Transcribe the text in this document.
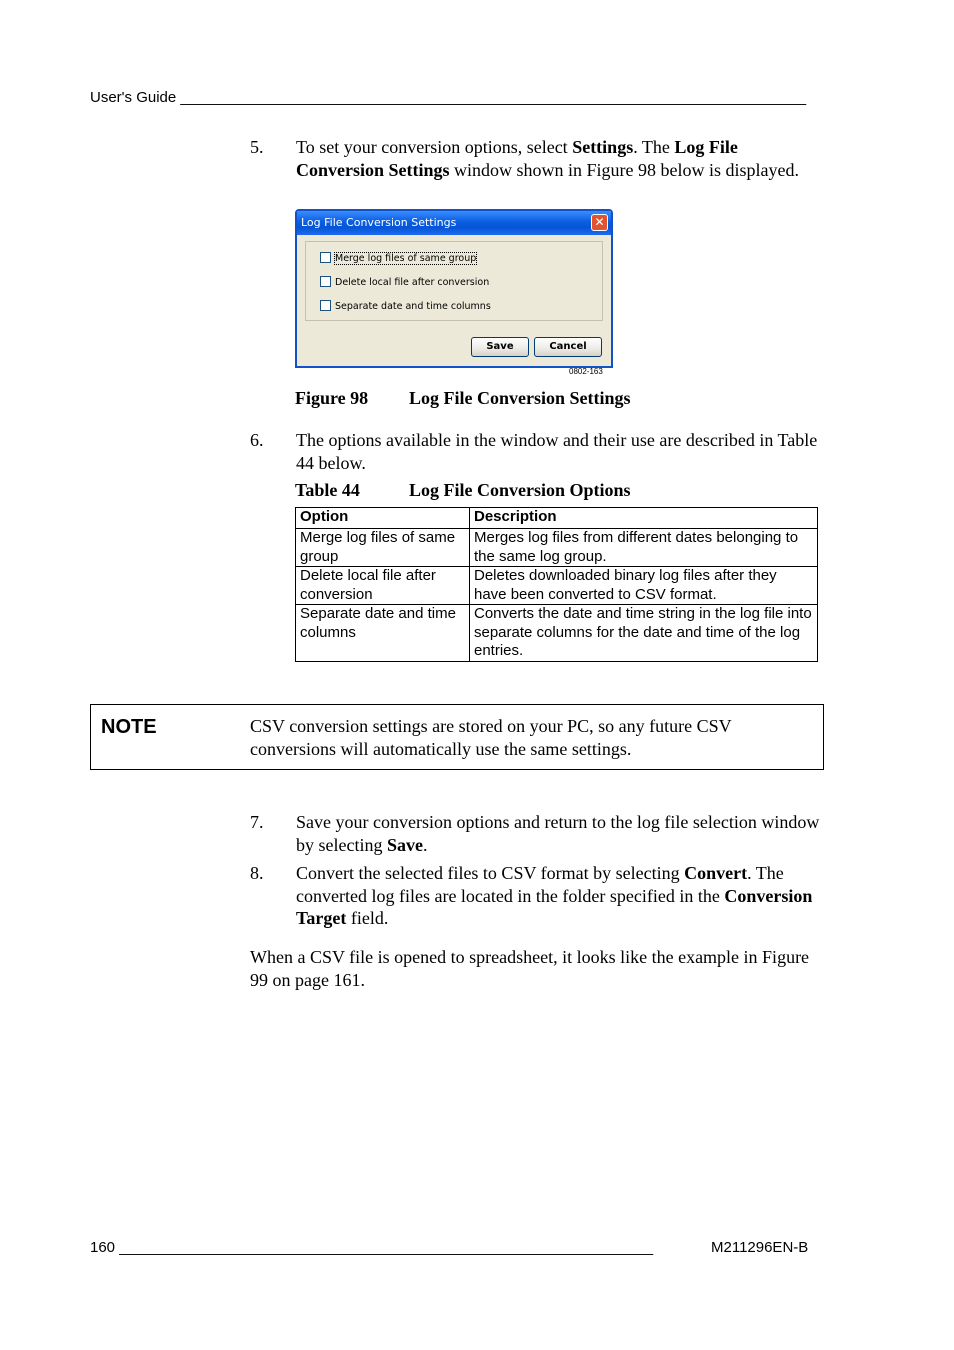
User's Guide ___________________________________________________________________________
5. To set your conversion options, select Settings. The Log File Conversion Settings window shown in Figure 98 below is displayed.
Log File Conversion Settings	✕
Merge log files of same group
Delete local file after conversion
Separate date and time columns
Save	Cancel
0802-163
Figure 98 Log File Conversion Settings
6. The options available in the window and their use are described in Table 44 below.
Table 44	Log File Conversion Options
Option	Description
Merge log files of same group	Merges log files from different dates belonging to the same log group.
Delete local file after conversion	Deletes downloaded binary log files after they have been converted to CSV format.
Separate date and time columns	Converts the date and time string in the log file into separate columns for the date and time of the log entries.
NOTE	CSV conversion settings are stored on your PC, so any future CSV conversions will automatically use the same settings.
7. Save your conversion options and return to the log file selection window by selecting Save.
8. Convert the selected files to CSV format by selecting Convert. The converted log files are located in the folder specified in the Conversion Target field.
When a CSV file is opened to spreadsheet, it looks like the example in Figure 99 on page 161.
160 ________________________________________________________________	M211296EN-B
